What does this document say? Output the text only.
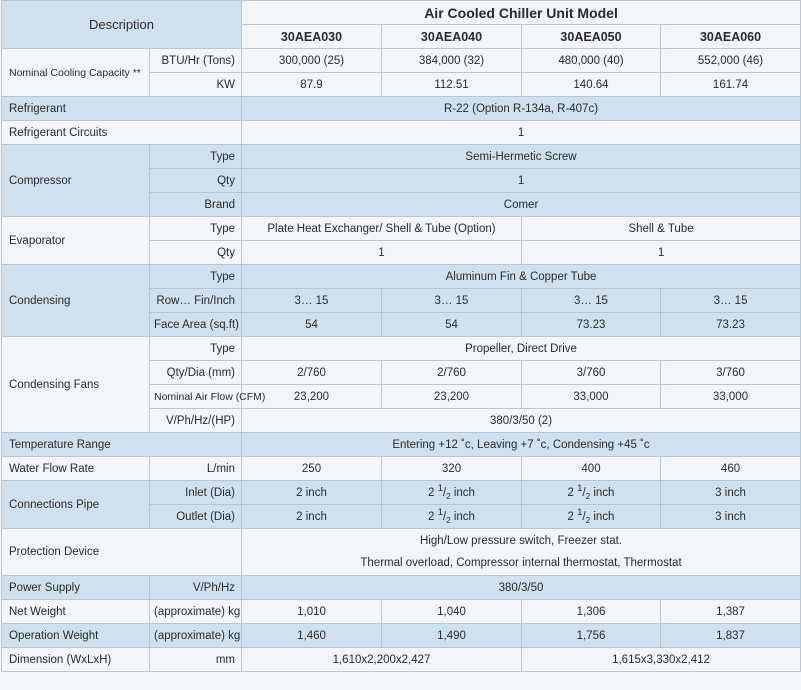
Description		Air Cooled Chiller Unit Model			
		30AEA030	30AEA040	30AEA050	30AEA060
Nominal Cooling Capacity **	BTU/Hr (Tons)	300,000 (25)	384,000 (32)	480,000 (40)	552,000 (46)
	KW	87.9	112.51	140.64	161.74
Refrigerant		R-22 (Option R-134a, R-407c)			
Refrigerant Circuits		1			
Compressor	Type	Semi-Hermetic Screw			
	Qty	1			
	Brand	Comer			
Evaporator	Type	Plate Heat Exchanger/ Shell & Tube (Option)		Shell & Tube	
	Qty	1		1	
Condensing	Type	Aluminum Fin & Copper Tube			
	Row… Fin/Inch	3… 15	3… 15	3… 15	3… 15
	Face Area (sq.ft)	54	54	73.23	73.23
Condensing Fans	Type	Propeller, Direct Drive			
	Qty/Dia (mm)	2/760	2/760	3/760	3/760
	Nominal Air Flow (CFM)	23,200	23,200	33,000	33,000
	V/Ph/Hz/(HP)	380/3/50 (2)			
Temperature Range		Entering +12 ˚c, Leaving +7 ˚c, Condensing +45 ˚c			
Water Flow Rate	L/min	250	320	400	460
Connections Pipe	Inlet (Dia)	2 inch	2 $^1/_2$ inch	2 $^1/_2$ inch	3 inch
	Outlet (Dia)	2 inch	2 $^1/_2$ inch	2 $^1/_2$ inch	3 inch
Protection Device		High/Low pressure switch, Freezer stat.
Thermal overload, Compressor internal thermostat, Thermostat			

Power Supply	V/Ph/Hz	380/3/50			
Net Weight	(approximate) kg	1,010	1,040	1,306	1,387
Operation Weight	(approximate) kg	1,460	1,490	1,756	1,837
Dimension (WxLxH)	mm	1,610x2,200x2,427		1,615x3,330x2,412	
